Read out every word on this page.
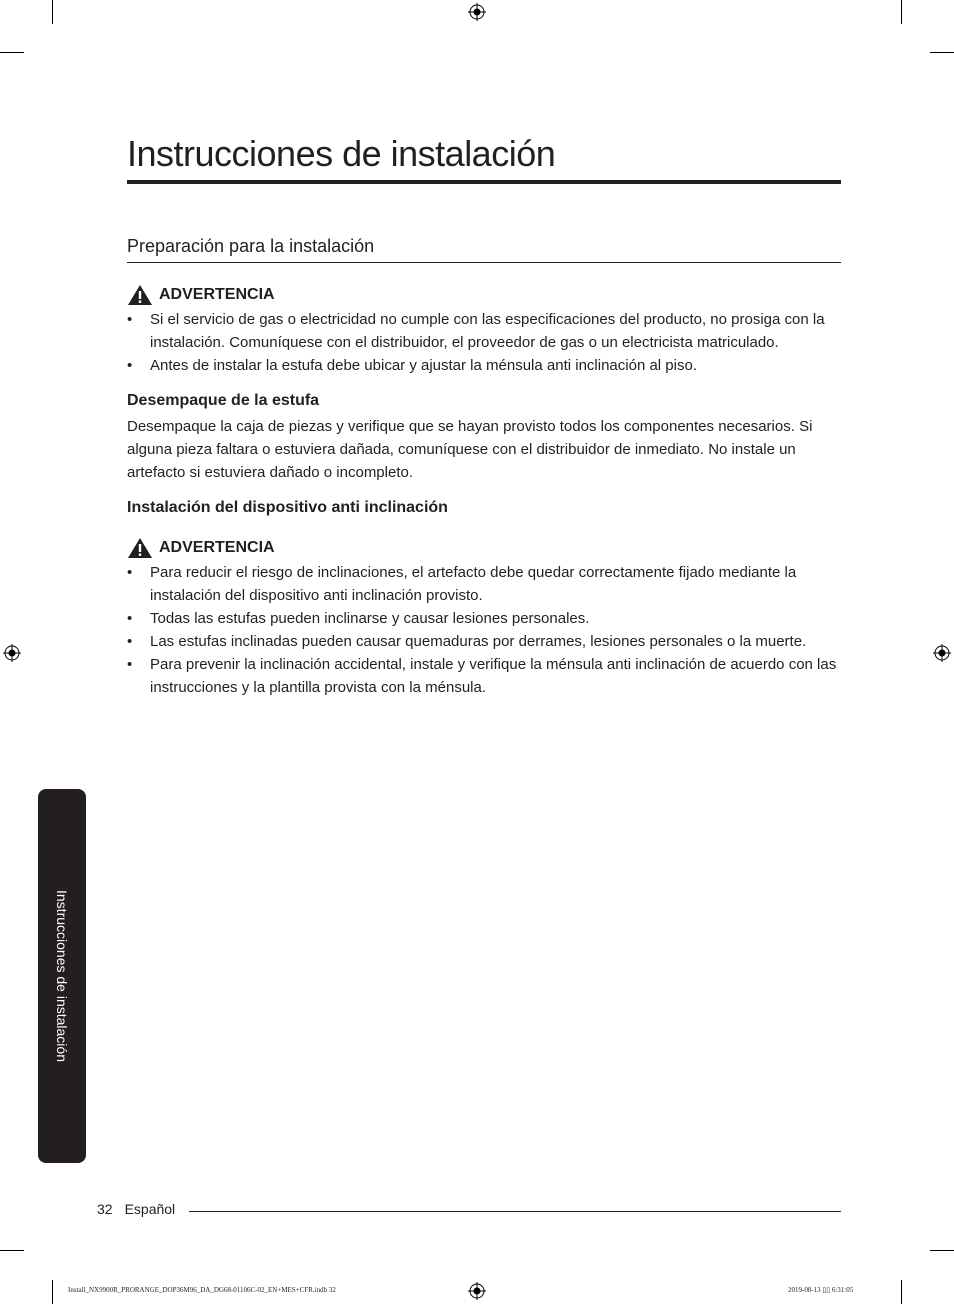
Instrucciones de instalación
Preparación para la instalación
ADVERTENCIA
• Si el servicio de gas o electricidad no cumple con las especificaciones del producto, no prosiga con la instalación. Comuníquese con el distribuidor, el proveedor de gas o un electricista matriculado.
• Antes de instalar la estufa debe ubicar y ajustar la ménsula anti inclinación al piso.
Desempaque de la estufa

Desempaque la caja de piezas y verifique que se hayan provisto todos los componentes necesarios. Si alguna pieza faltara o estuviera dañada, comuníquese con el distribuidor de inmediato. No instale un artefacto si estuviera dañado o incompleto.

Instalación del dispositivo anti inclinación
ADVERTENCIA
• Para reducir el riesgo de inclinaciones, el artefacto debe quedar correctamente fijado mediante la instalación del dispositivo anti inclinación provisto.
• Todas las estufas pueden inclinarse y causar lesiones personales.
• Las estufas inclinadas pueden causar quemaduras por derrames, lesiones personales o la muerte.
• Para prevenir la inclinación accidental, instale y verifique la ménsula anti inclinación de acuerdo con las instrucciones y la plantilla provista con la ménsula.
Instrucciones de instalación
32 Español
Install_NX9900R_PRORANGE_DOP36M96_DA_DG68-01106C-02_EN+MES+CFR.indb 32	2019-08-13 ▯▯ 6:31:05
